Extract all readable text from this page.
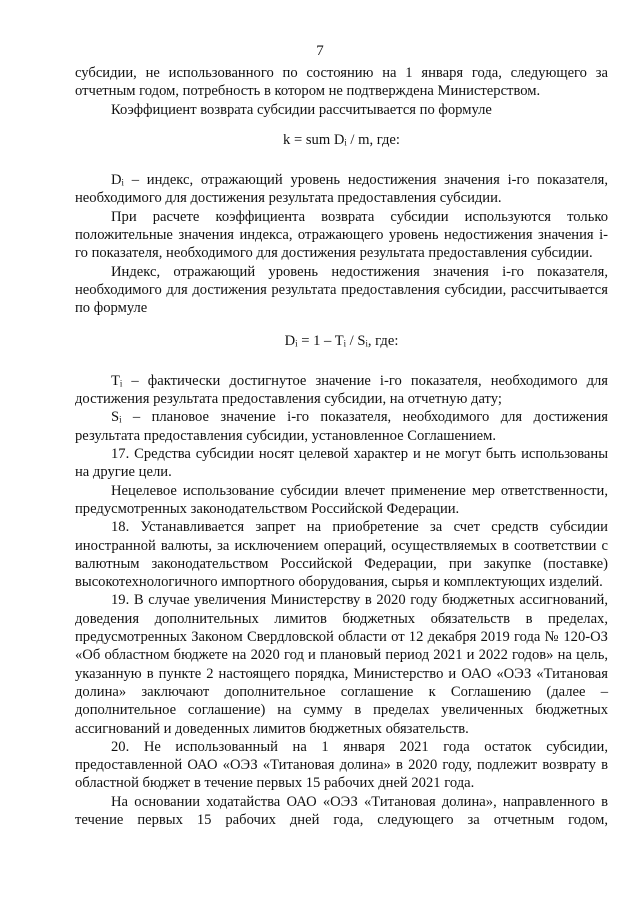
7

субсидии, не использованного по состоянию на 1 января года, следующего за отчетным годом, потребность в котором не подтверждена Министерством.

Коэффициент возврата субсидии рассчитывается по формуле

k = sum Dᵢ / m, где:

Dᵢ – индекс, отражающий уровень недостижения значения i-го показателя, необходимого для достижения результата предоставления субсидии.

При расчете коэффициента возврата субсидии используются только положительные значения индекса, отражающего уровень недостижения значения i-го показателя, необходимого для достижения результата предоставления субсидии.

Индекс, отражающий уровень недостижения значения i-го показателя, необходимого для достижения результата предоставления субсидии, рассчитывается по формуле

Dᵢ = 1 – Tᵢ / Sᵢ, где:

Tᵢ – фактически достигнутое значение i-го показателя, необходимого для достижения результата предоставления субсидии, на отчетную дату;

Sᵢ – плановое значение i-го показателя, необходимого для достижения результата предоставления субсидии, установленное Соглашением.

17. Средства субсидии носят целевой характер и не могут быть использованы на другие цели.

Нецелевое использование субсидии влечет применение мер ответственности, предусмотренных законодательством Российской Федерации.

18. Устанавливается запрет на приобретение за счет средств субсидии иностранной валюты, за исключением операций, осуществляемых в соответствии с валютным законодательством Российской Федерации, при закупке (поставке) высокотехнологичного импортного оборудования, сырья и комплектующих изделий.

19. В случае увеличения Министерству в 2020 году бюджетных ассигнований, доведения дополнительных лимитов бюджетных обязательств в пределах, предусмотренных Законом Свердловской области от 12 декабря 2019 года № 120-ОЗ «Об областном бюджете на 2020 год и плановый период 2021 и 2022 годов» на цель, указанную в пункте 2 настоящего порядка, Министерство и ОАО «ОЭЗ «Титановая долина» заключают дополнительное соглашение к Соглашению (далее – дополнительное соглашение) на сумму в пределах увеличенных бюджетных ассигнований и доведенных лимитов бюджетных обязательств.

20. Не использованный на 1 января 2021 года остаток субсидии, предоставленной ОАО «ОЭЗ «Титановая долина» в 2020 году, подлежит возврату в областной бюджет в течение первых 15 рабочих дней 2021 года.

На основании ходатайства ОАО «ОЭЗ «Титановая долина», направленного в течение первых 15 рабочих дней года, следующего за отчетным годом,
